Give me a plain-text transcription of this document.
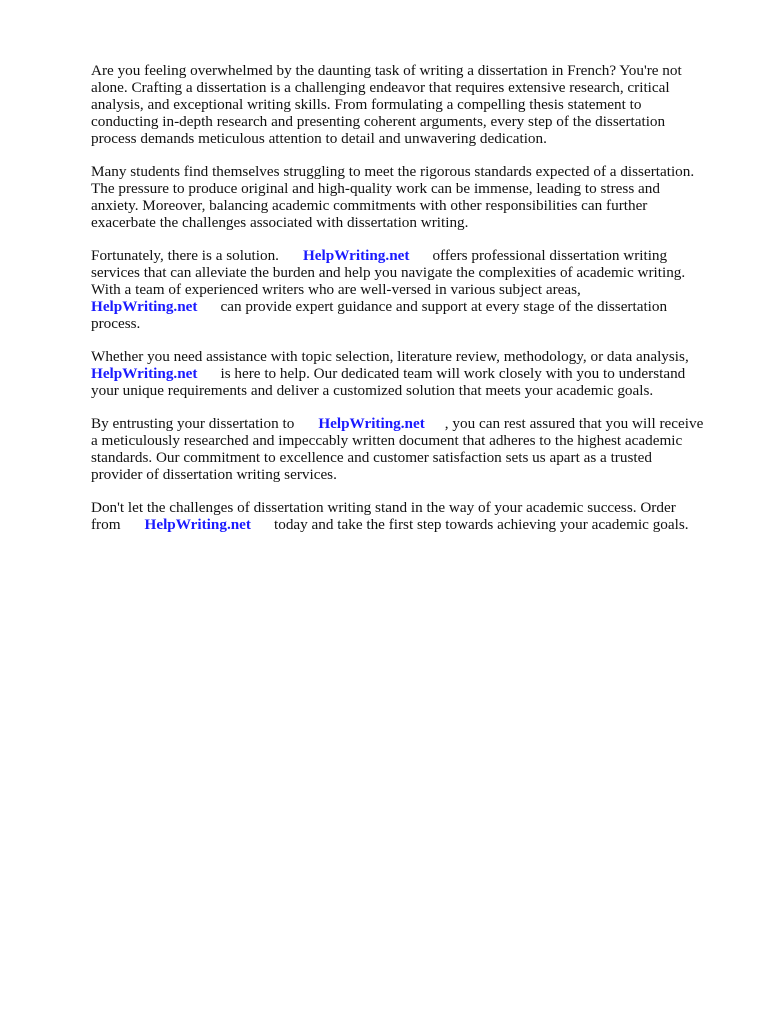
Are you feeling overwhelmed by the daunting task of writing a dissertation in French? You're not
alone. Crafting a dissertation is a challenging endeavor that requires extensive research, critical
analysis, and exceptional writing skills. From formulating a compelling thesis statement to
conducting in-depth research and presenting coherent arguments, every step of the dissertation
process demands meticulous attention to detail and unwavering dedication.
Many students find themselves struggling to meet the rigorous standards expected of a dissertation.
The pressure to produce original and high-quality work can be immense, leading to stress and
anxiety. Moreover, balancing academic commitments with other responsibilities can further
exacerbate the challenges associated with dissertation writing.
Fortunately, there is a solution. HelpWriting.net offers professional dissertation writing
services that can alleviate the burden and help you navigate the complexities of academic writing.
With a team of experienced writers who are well-versed in various subject areas,
HelpWriting.net can provide expert guidance and support at every stage of the dissertation
process.
Whether you need assistance with topic selection, literature review, methodology, or data analysis,
HelpWriting.net is here to help. Our dedicated team will work closely with you to understand
your unique requirements and deliver a customized solution that meets your academic goals.
By entrusting your dissertation to HelpWriting.net , you can rest assured that you will receive
a meticulously researched and impeccably written document that adheres to the highest academic
standards. Our commitment to excellence and customer satisfaction sets us apart as a trusted
provider of dissertation writing services.
Don't let the challenges of dissertation writing stand in the way of your academic success. Order
from HelpWriting.net today and take the first step towards achieving your academic goals.
